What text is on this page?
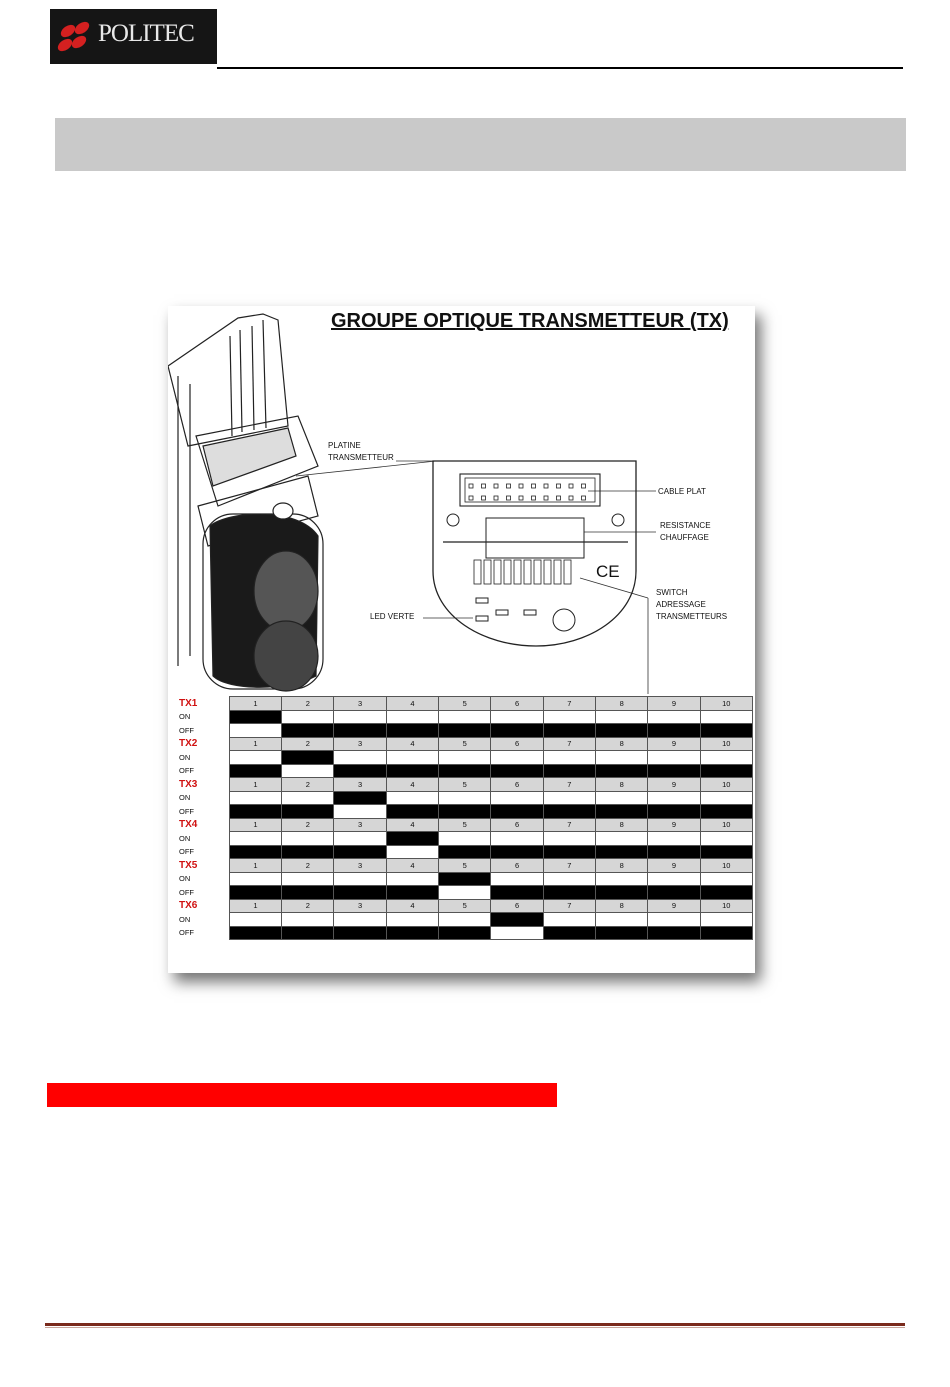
POLITEC
GROUPE OPTIQUE TRANSMETTEUR (TX)
PLATINE
TRANSMETTEUR
CABLE PLAT
RESISTANCE
CHAUFFAGE
SWITCH
ADRESSAGE
TRANSMETTEURS
LED VERTE
CE
TX1	1	2	3	4	5	6	7	8	9	10
ON										
OFF										
TX2	1	2	3	4	5	6	7	8	9	10
ON										
OFF										
TX3	1	2	3	4	5	6	7	8	9	10
ON										
OFF										
TX4	1	2	3	4	5	6	7	8	9	10
ON										
OFF										
TX5	1	2	3	4	5	6	7	8	9	10
ON										
OFF										
TX6	1	2	3	4	5	6	7	8	9	10
ON										
OFF										
